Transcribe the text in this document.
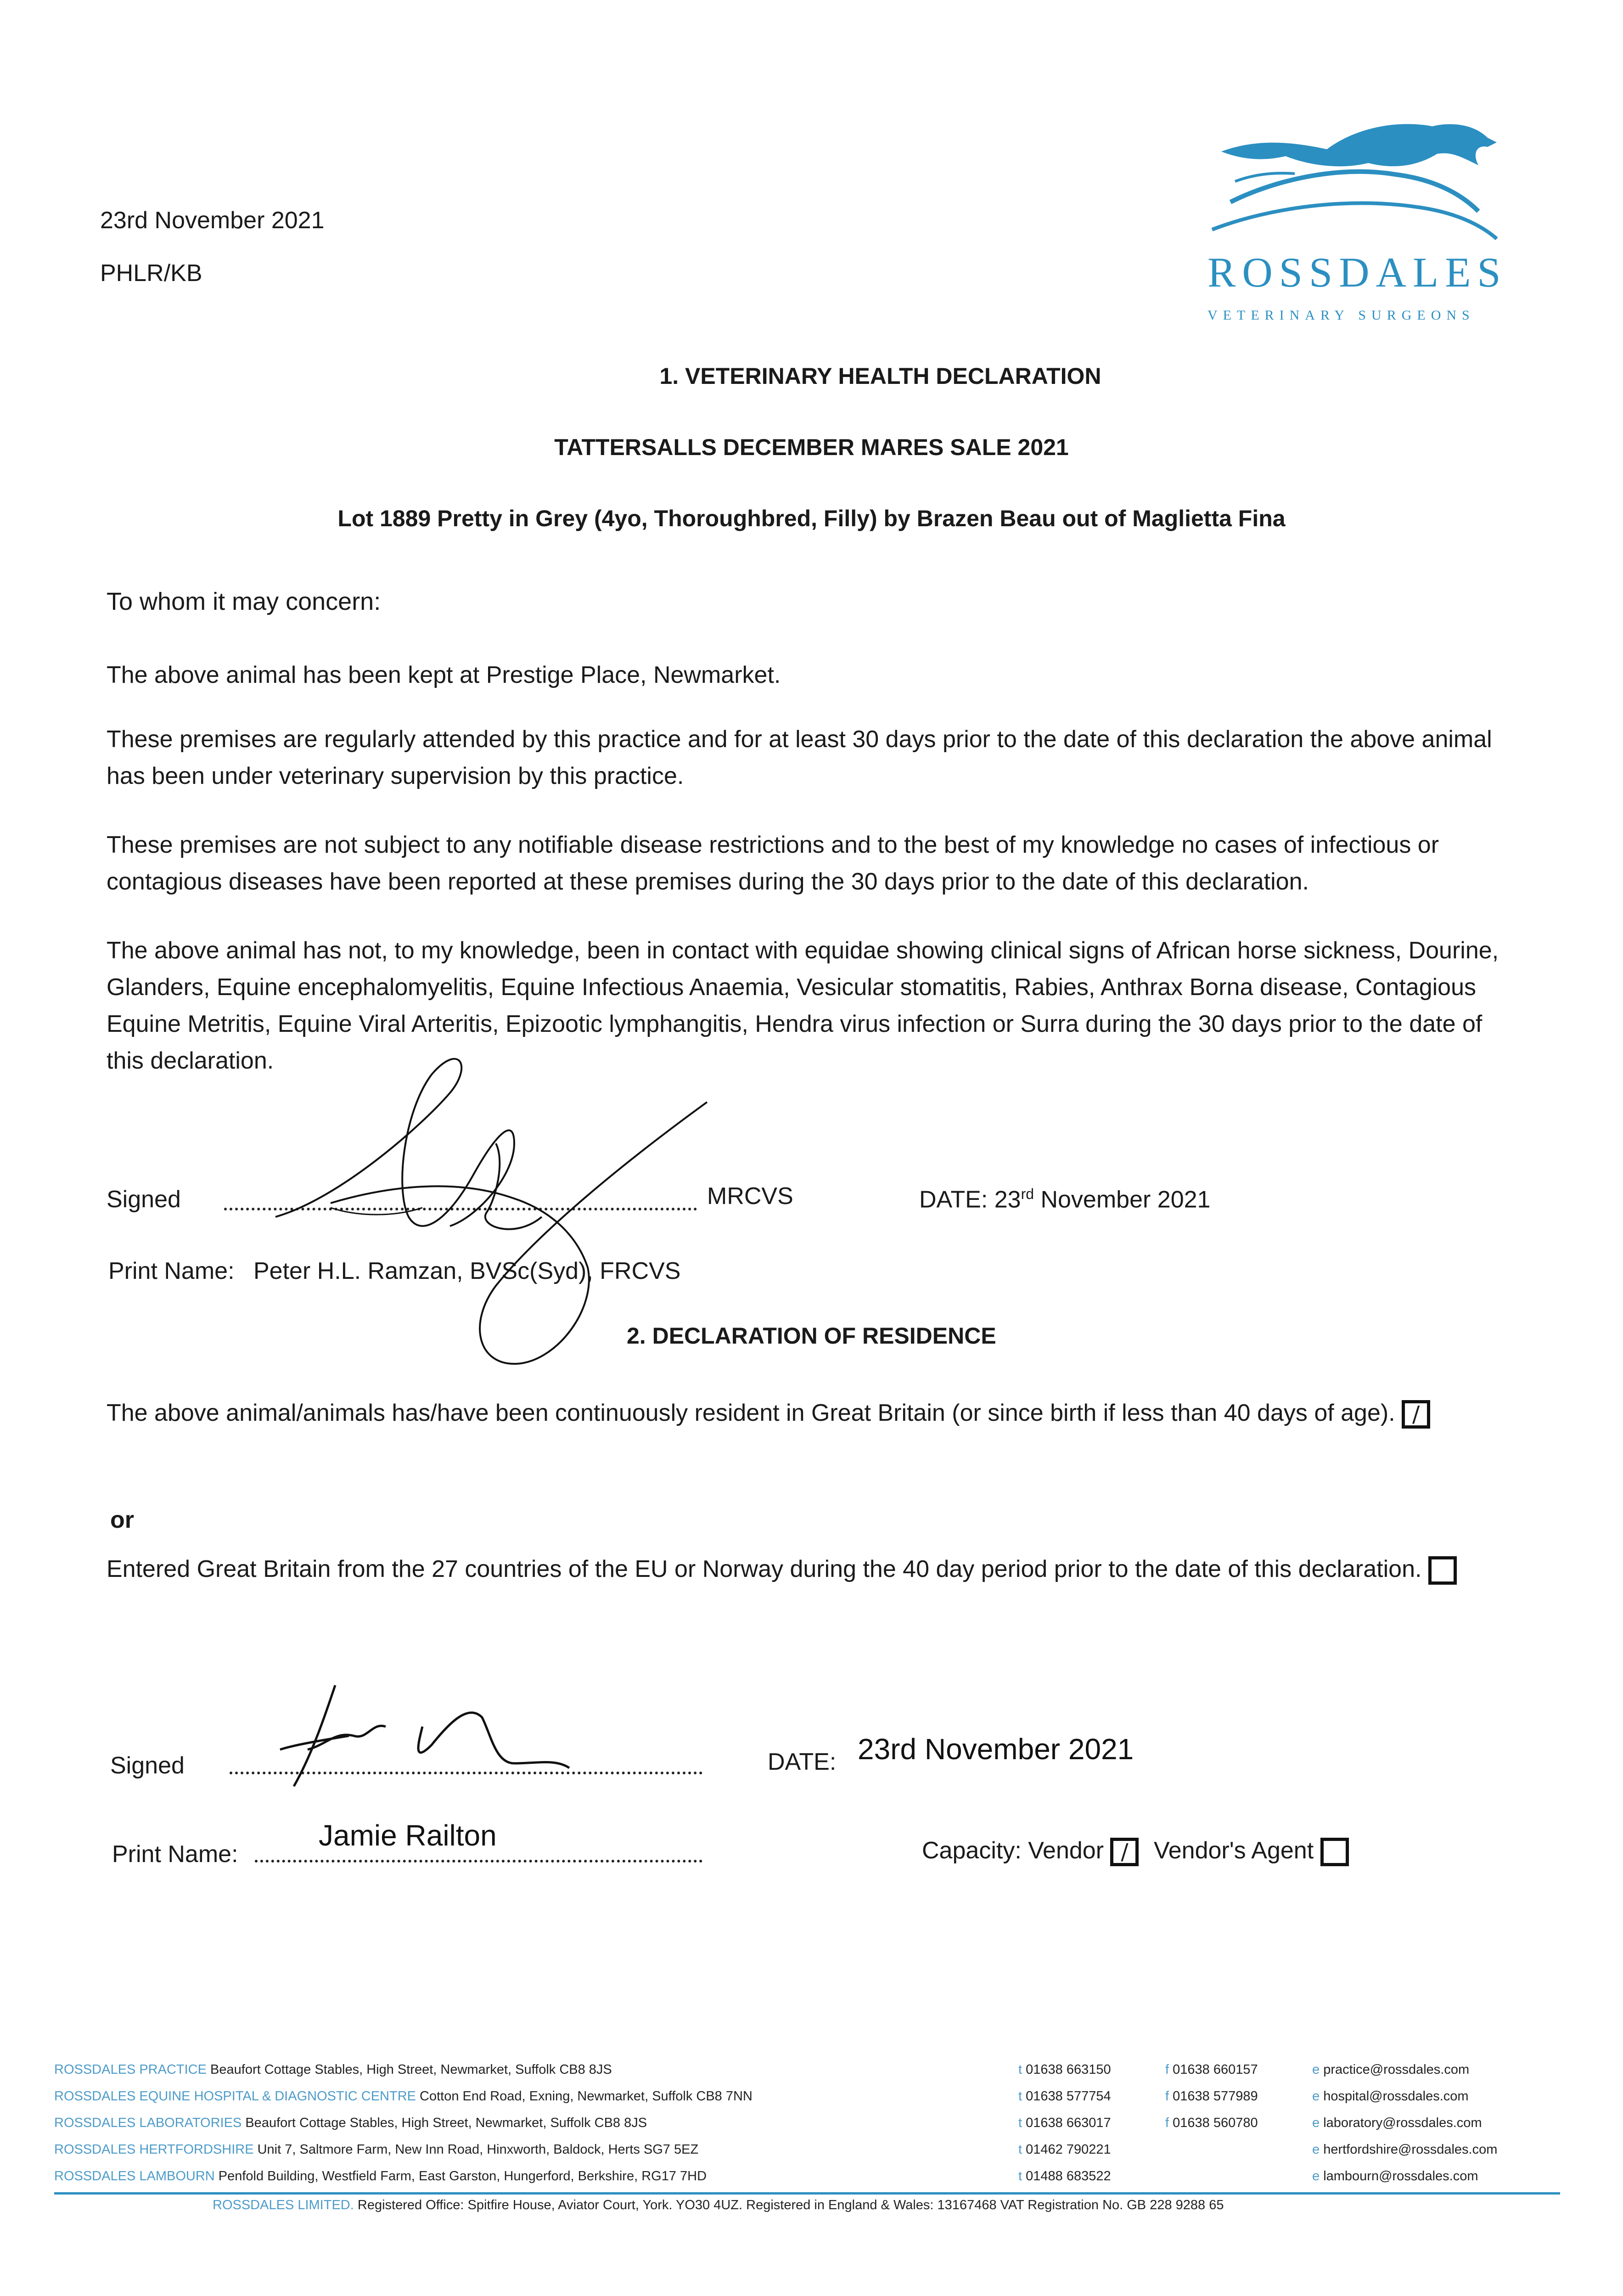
23rd November 2021
PHLR/KB	ROSSDALES
VETERINARY SURGEONS
1. VETERINARY HEALTH DECLARATION
TATTERSALLS DECEMBER MARES SALE 2021
Lot 1889 Pretty in Grey (4yo, Thoroughbred, Filly) by Brazen Beau out of Maglietta Fina
To whom it may concern:
The above animal has been kept at Prestige Place, Newmarket.
These premises are regularly attended by this practice and for at least 30 days prior to the date of this declaration the above animal has been under veterinary supervision by this practice.
These premises are not subject to any notifiable disease restrictions and to the best of my knowledge no cases of infectious or contagious diseases have been reported at these premises during the 30 days prior to the date of this declaration.
The above animal has not, to my knowledge, been in contact with equidae showing clinical signs of African horse sickness, Dourine, Glanders, Equine encephalomyelitis, Equine Infectious Anaemia, Vesicular stomatitis, Rabies, Anthrax Borna disease, Contagious Equine Metritis, Equine Viral Arteritis, Epizootic lymphangitis, Hendra virus infection or Surra during the 30 days prior to the date of this declaration.
Signed	MRCVS	DATE: 23rd November 2021
Print Name: Peter H.L. Ramzan, BVSc(Syd), FRCVS
2. DECLARATION OF RESIDENCE
The above animal/animals has/have been continuously resident in Great Britain (or since birth if less than 40 days of age). /
or
Entered Great Britain from the 27 countries of the EU or Norway during the 40 day period prior to the date of this declaration.
Signed	DATE: 23rd November 2021
Print Name:
Jamie Railton	Capacity: Vendor / Vendor's Agent
ROSSDALES PRACTICE Beaufort Cottage Stables, High Street, Newmarket, Suffolk CB8 8JS	t 01638 663150	f 01638 660157	e practice@rossdales.com
ROSSDALES EQUINE HOSPITAL & DIAGNOSTIC CENTRE Cotton End Road, Exning, Newmarket, Suffolk CB8 7NN	t 01638 577754	f 01638 577989	e hospital@rossdales.com
ROSSDALES LABORATORIES Beaufort Cottage Stables, High Street, Newmarket, Suffolk CB8 8JS	t 01638 663017	f 01638 560780	e laboratory@rossdales.com
ROSSDALES HERTFORDSHIRE Unit 7, Saltmore Farm, New Inn Road, Hinxworth, Baldock, Herts SG7 5EZ	t 01462 790221	e hertfordshire@rossdales.com
ROSSDALES LAMBOURN Penfold Building, Westfield Farm, East Garston, Hungerford, Berkshire, RG17 7HD	t 01488 683522	e lambourn@rossdales.com
ROSSDALES LIMITED. Registered Office: Spitfire House, Aviator Court, York. YO30 4UZ. Registered in England & Wales: 13167468 VAT Registration No. GB 228 9288 65
